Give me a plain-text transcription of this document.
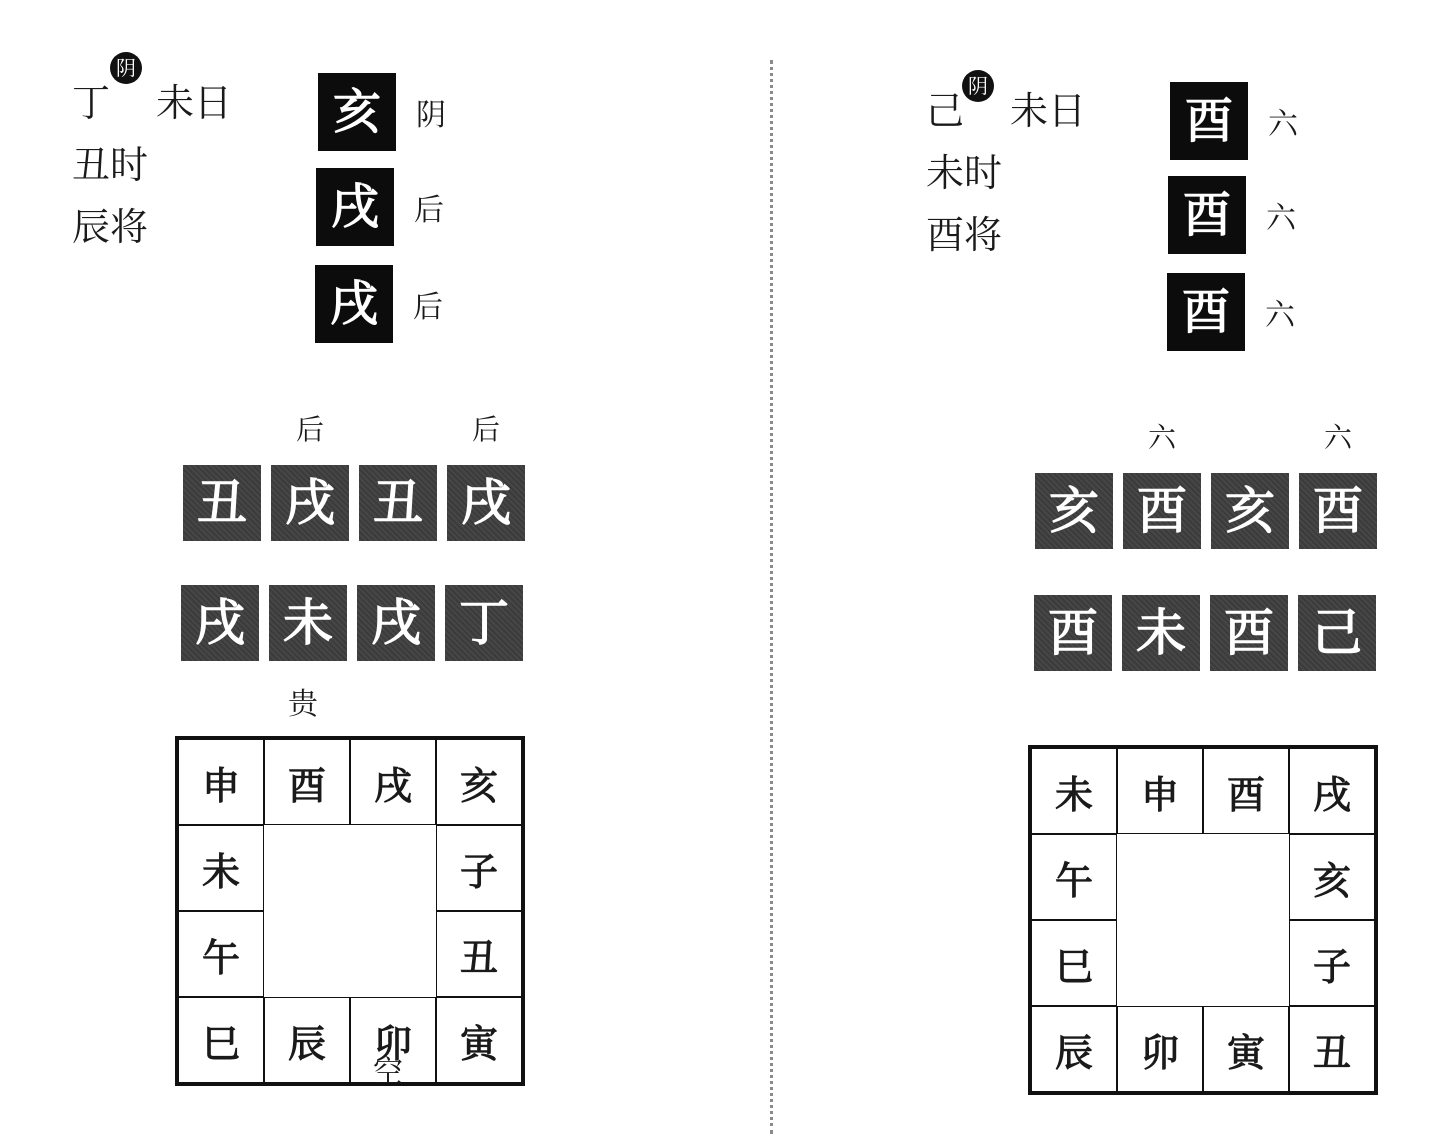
丁
阴
未日
丑时
辰将
亥	阴
戌	后
戌	后
后	后
丑 戌 丑 戌
戌 未 戌 丁
贵
申	酉	戌	亥
未	子
午	丑
巳	辰	卯	寅
空
己
阴
未日
未时
酉将
酉	六
酉	六
酉	六
六	六
亥 酉 亥 酉
酉 未 酉 己
未	申	酉	戌
午	亥
巳	子
辰	卯	寅	丑
